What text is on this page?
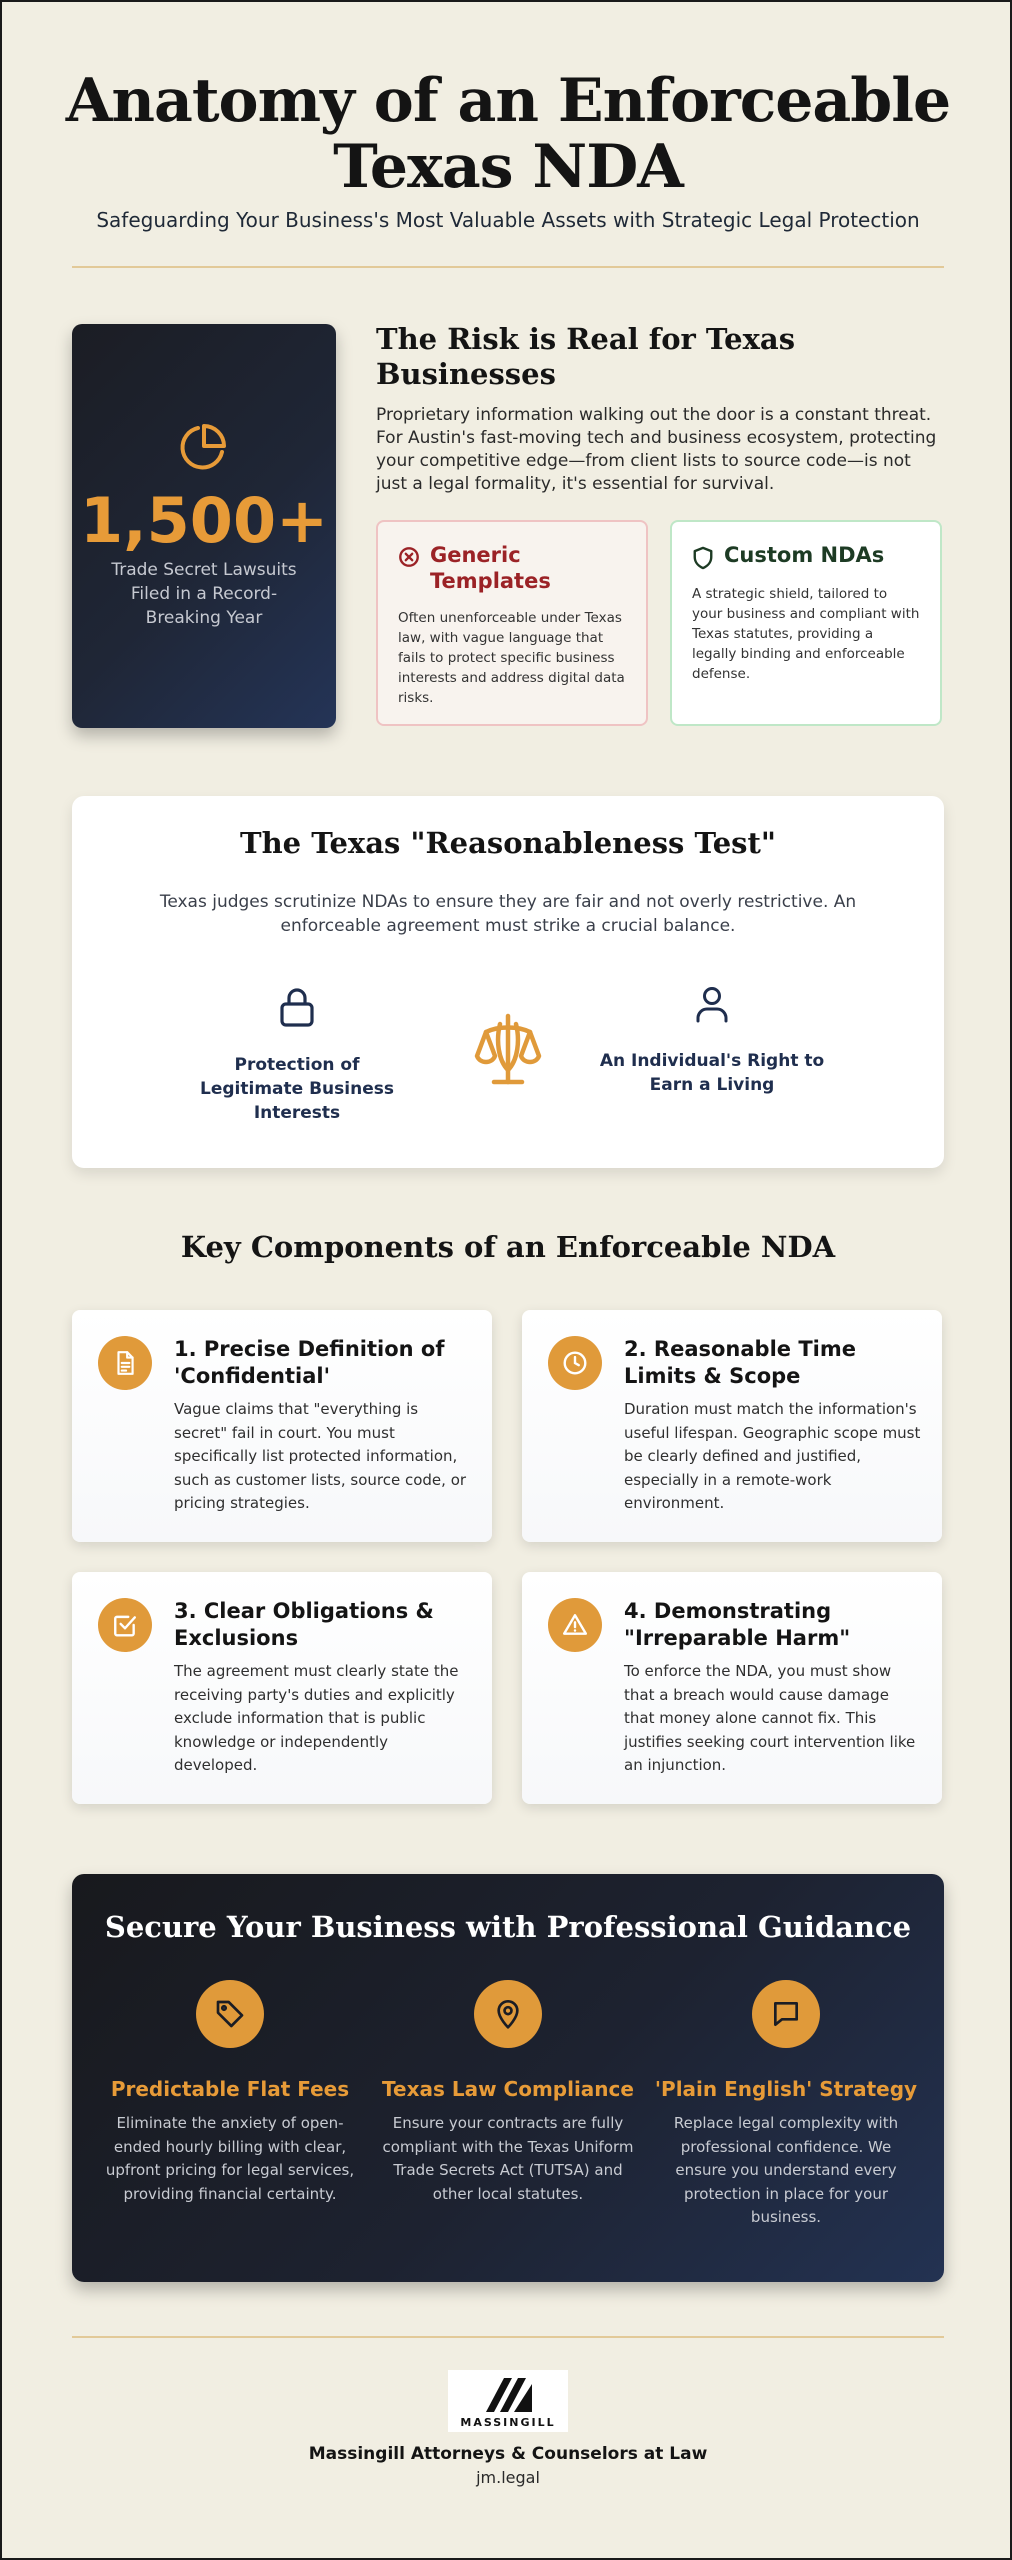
Anatomy of an Enforceable
Texas NDA
Safeguarding Your Business's Most Valuable Assets with Strategic Legal Protection
1,500+
Trade Secret Lawsuits Filed in a Record-Breaking Year
The Risk is Real for Texas Businesses
Proprietary information walking out the door is a constant threat. For Austin's fast-moving tech and business ecosystem, protecting your competitive edge—from client lists to source code—is not just a legal formality, it's essential for survival.
Generic Templates
Often unenforceable under Texas law, with vague language that fails to protect specific business interests and address digital data risks.
Custom NDAs
A strategic shield, tailored to your business and compliant with Texas statutes, providing a legally binding and enforceable defense.
The Texas "Reasonableness Test"
Texas judges scrutinize NDAs to ensure they are fair and not overly restrictive. An enforceable agreement must strike a crucial balance.
Protection of Legitimate Business Interests
An Individual's Right to Earn a Living
Key Components of an Enforceable NDA
1. Precise Definition of 'Confidential'
Vague claims that "everything is secret" fail in court. You must specifically list protected information, such as customer lists, source code, or pricing strategies.
2. Reasonable Time Limits & Scope
Duration must match the information's useful lifespan. Geographic scope must be clearly defined and justified, especially in a remote-work environment.
3. Clear Obligations & Exclusions
The agreement must clearly state the receiving party's duties and explicitly exclude information that is public knowledge or independently developed.
4. Demonstrating "Irreparable Harm"
To enforce the NDA, you must show that a breach would cause damage that money alone cannot fix. This justifies seeking court intervention like an injunction.
Secure Your Business with Professional Guidance
Predictable Flat Fees
Eliminate the anxiety of open-ended hourly billing with clear, upfront pricing for legal services, providing financial certainty.
Texas Law Compliance
Ensure your contracts are fully compliant with the Texas Uniform Trade Secrets Act (TUTSA) and other local statutes.
'Plain English' Strategy
Replace legal complexity with professional confidence. We ensure you understand every protection in place for your business.
MASSINGILL
Massingill Attorneys & Counselors at Law
jm.legal
